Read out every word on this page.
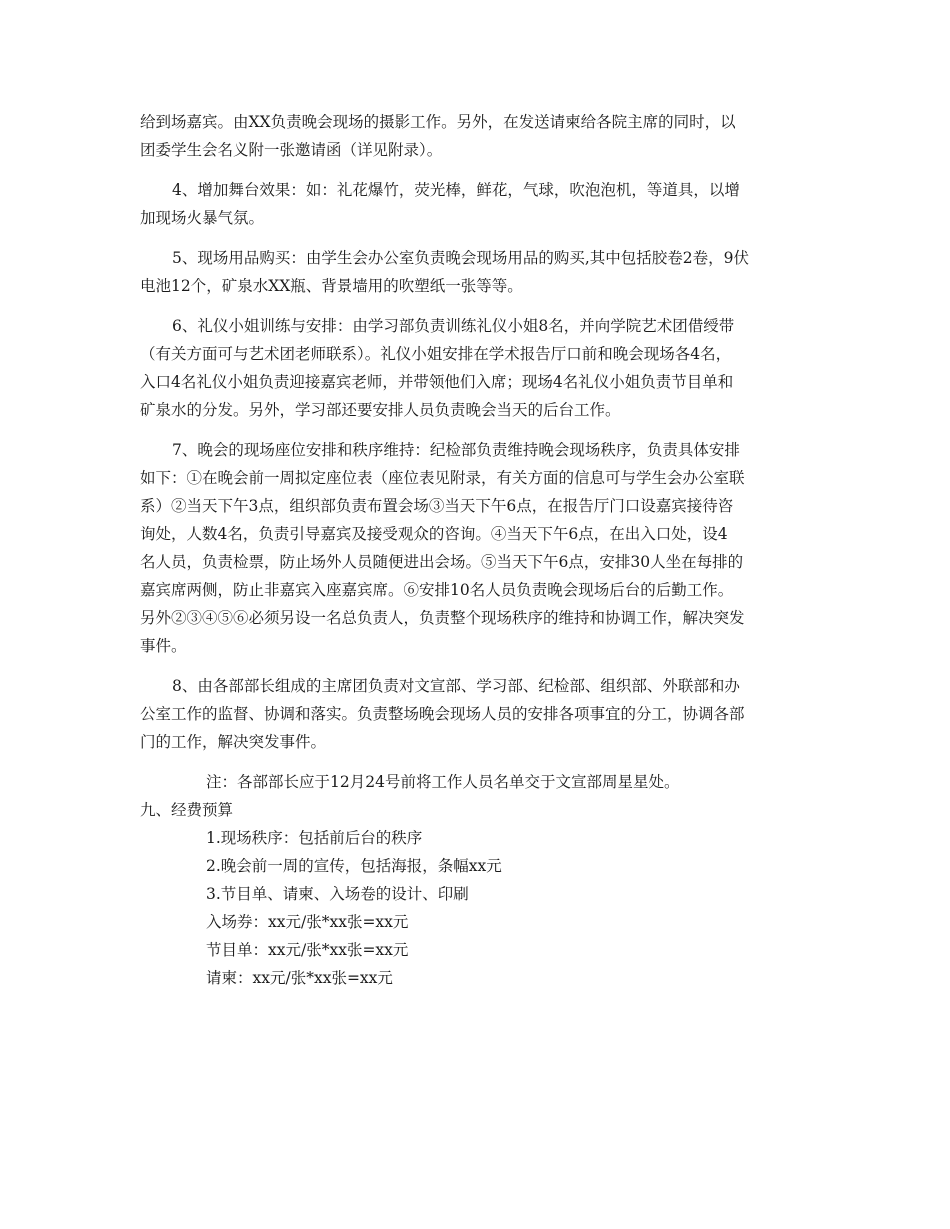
给到场嘉宾。由XX负责晚会现场的摄影工作。另外，在发送请柬给各院主席的同时，以
团委学生会名义附一张邀请函（详见附录）。
4、增加舞台效果：如：礼花爆竹，荧光棒，鲜花，气球，吹泡泡机，等道具，以增
加现场火暴气氛。
5、现场用品购买：由学生会办公室负责晚会现场用品的购买,其中包括胶卷2卷，9伏
电池12个，矿泉水XX瓶、背景墙用的吹塑纸一张等等。
6、礼仪小姐训练与安排：由学习部负责训练礼仪小姐8名，并向学院艺术团借绶带
（有关方面可与艺术团老师联系）。礼仪小姐安排在学术报告厅口前和晚会现场各4名，
入口4名礼仪小姐负责迎接嘉宾老师，并带领他们入席；现场4名礼仪小姐负责节目单和
矿泉水的分发。另外，学习部还要安排人员负责晚会当天的后台工作。
7、晚会的现场座位安排和秩序维持：纪检部负责维持晚会现场秩序，负责具体安排
如下：①在晚会前一周拟定座位表（座位表见附录，有关方面的信息可与学生会办公室联
系）②当天下午3点，组织部负责布置会场③当天下午6点，在报告厅门口设嘉宾接待咨
询处，人数4名，负责引导嘉宾及接受观众的咨询。④当天下午6点，在出入口处，设4
名人员，负责检票，防止场外人员随便进出会场。⑤当天下午6点，安排30人坐在每排的
嘉宾席两侧，防止非嘉宾入座嘉宾席。⑥安排10名人员负责晚会现场后台的后勤工作。
另外②③④⑤⑥必须另设一名总负责人，负责整个现场秩序的维持和协调工作，解决突发
事件。
8、由各部部长组成的主席团负责对文宣部、学习部、纪检部、组织部、外联部和办
公室工作的监督、协调和落实。负责整场晚会现场人员的安排各项事宜的分工，协调各部
门的工作，解决突发事件。

注：各部部长应于12月24号前将工作人员名单交于文宣部周星星处。

九、经费预算

1.现场秩序：包括前后台的秩序

2.晚会前一周的宣传，包括海报，条幅xx元

3.节目单、请柬、入场卷的设计、印刷

入场券：xx元/张*xx张=xx元

节目单：xx元/张*xx张=xx元

请柬：xx元/张*xx张=xx元
